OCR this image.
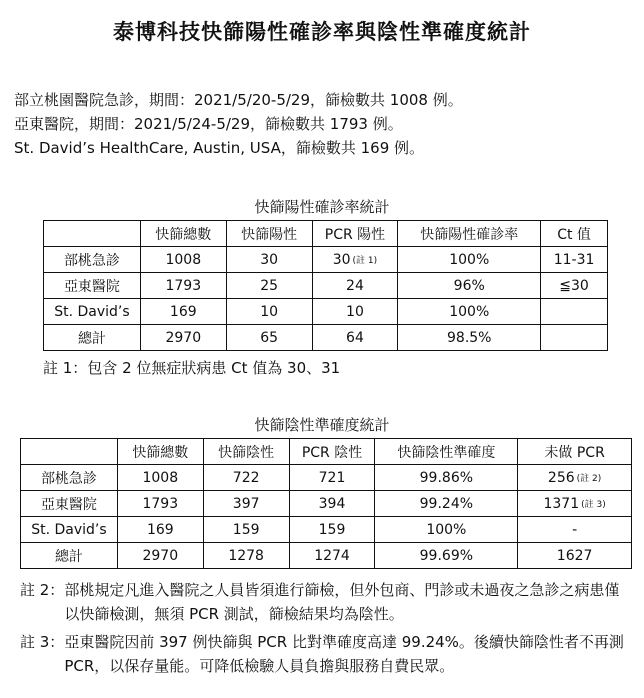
泰博科技快篩陽性確診率與陰性準確度統計
部立桃園醫院急診，期間：2021/5/20-5/29，篩檢數共 1008 例。
亞東醫院，期間：2021/5/24-5/29，篩檢數共 1793 例。
St. David’s HealthCare, Austin, USA，篩檢數共 169 例。
快篩陽性確診率統計
	快篩總數	快篩陽性	PCR 陽性	快篩陽性確診率	Ct 值
部桃急診	1008	30	30 (註 1)	100%	11-31
亞東醫院	1793	25	24	96%	≦30
St. David’s	169	10	10	100%	
總計	2970	65	64	98.5%	
註 1：包含 2 位無症狀病患 Ct 值為 30、31
快篩陰性準確度統計
	快篩總數	快篩陰性	PCR 陰性	快篩陰性準確度	未做 PCR
部桃急診	1008	722	721	99.86%	256 (註 2)
亞東醫院	1793	397	394	99.24%	1371 (註 3)
St. David’s	169	159	159	100%	-
總計	2970	1278	1274	99.69%	1627
註 2： 部桃規定凡進入醫院之人員皆須進行篩檢，但外包商、門診或未過夜之急診之病患僅以快篩檢測，無須 PCR 測試，篩檢結果均為陰性。
註 3： 亞東醫院因前 397 例快篩與 PCR 比對準確度高達 99.24%。後續快篩陰性者不再測 PCR，以保存量能。可降低檢驗人員負擔與服務自費民眾。
